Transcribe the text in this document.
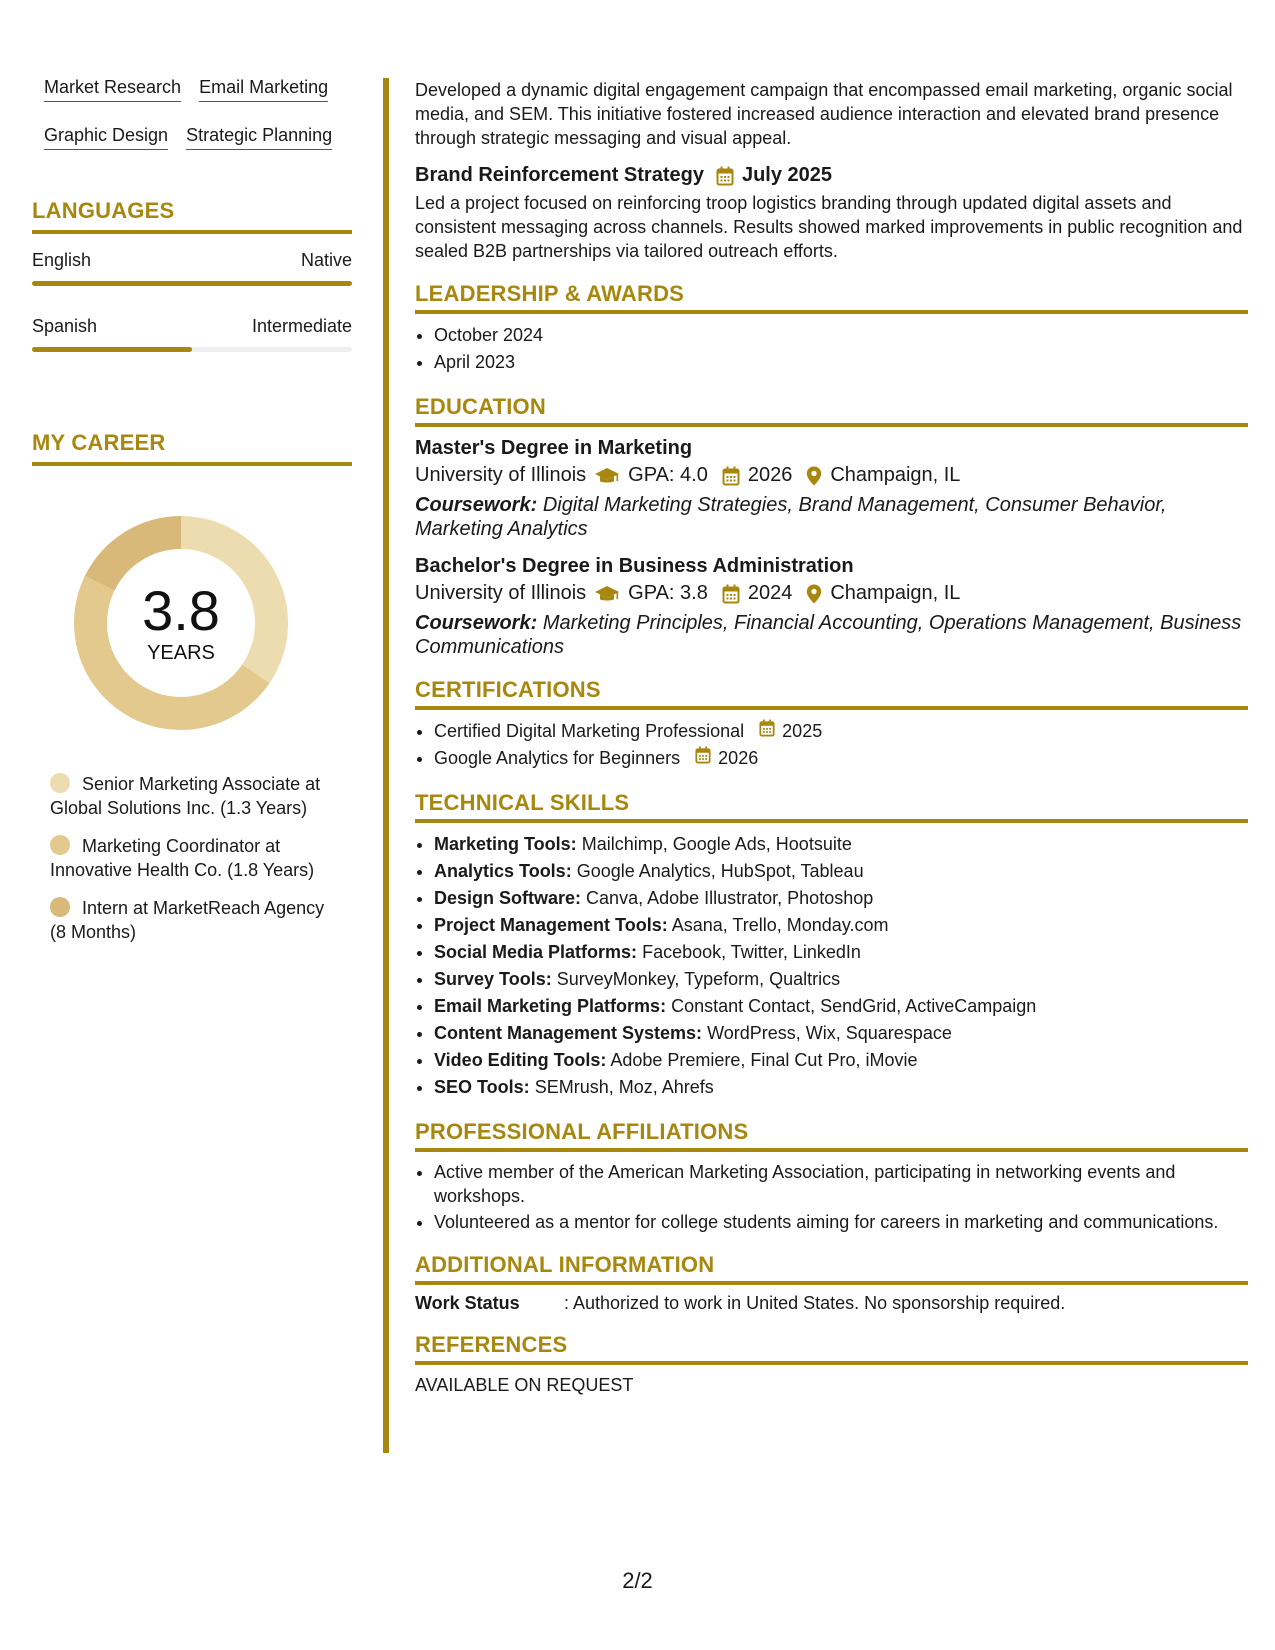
Market Research Email Marketing
Graphic Design Strategic Planning
LANGUAGES
English	Native
Spanish	Intermediate
MY CAREER
3.8
YEARS
Senior Marketing Associate at Global Solutions Inc. (1.3 Years)
Marketing Coordinator at Innovative Health Co. (1.8 Years)
Intern at MarketReach Agency (8 Months)

Developed a dynamic digital engagement campaign that encompassed email marketing, organic social media, and SEM. This initiative fostered increased audience interaction and elevated brand presence through strategic messaging and visual appeal.

Brand Reinforcement Strategy July 2025

Led a project focused on reinforcing troop logistics branding through updated digital assets and consistent messaging across channels. Results showed marked improvements in public recognition and sealed B2B partnerships via tailored outreach efforts.

LEADERSHIP & AWARDS
• October 2024
• April 2023
EDUCATION
Master's Degree in Marketing
University of Illinois GPA: 4.0 2026 Champaign, IL
Coursework: Digital Marketing Strategies, Brand Management, Consumer Behavior, Marketing Analytics
Bachelor's Degree in Business Administration
University of Illinois GPA: 3.8 2024 Champaign, IL
Coursework: Marketing Principles, Financial Accounting, Operations Management, Business Communications
CERTIFICATIONS
• Certified Digital Marketing Professional 2025
• Google Analytics for Beginners 2026
TECHNICAL SKILLS
• Marketing Tools: Mailchimp, Google Ads, Hootsuite
• Analytics Tools: Google Analytics, HubSpot, Tableau
• Design Software: Canva, Adobe Illustrator, Photoshop
• Project Management Tools: Asana, Trello, Monday.com
• Social Media Platforms: Facebook, Twitter, LinkedIn
• Survey Tools: SurveyMonkey, Typeform, Qualtrics
• Email Marketing Platforms: Constant Contact, SendGrid, ActiveCampaign
• Content Management Systems: WordPress, Wix, Squarespace
• Video Editing Tools: Adobe Premiere, Final Cut Pro, iMovie
• SEO Tools: SEMrush, Moz, Ahrefs
PROFESSIONAL AFFILIATIONS
• Active member of the American Marketing Association, participating in networking events and workshops.
• Volunteered as a mentor for college students aiming for careers in marketing and communications.
ADDITIONAL INFORMATION
Work Status	: Authorized to work in United States. No sponsorship required.
REFERENCES
AVAILABLE ON REQUEST
2/2
